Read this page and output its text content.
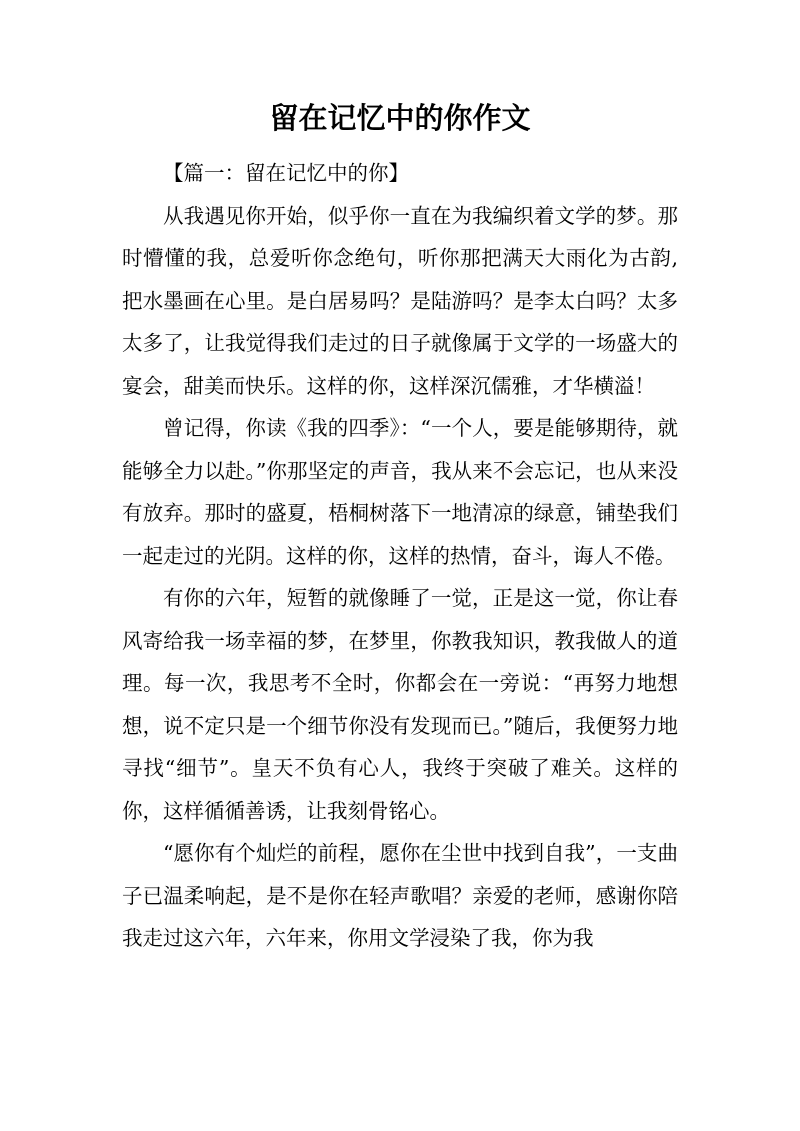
留在记忆中的你作文

【篇一：留在记忆中的你】

从我遇见你开始，似乎你一直在为我编织着文学的梦。那时懵懂的我，总爱听你念绝句，听你那把满天大雨化为古韵,把水墨画在心里。是白居易吗？是陆游吗？是李太白吗？太多太多了，让我觉得我们走过的日子就像属于文学的一场盛大的宴会，甜美而快乐。这样的你，这样深沉儒雅，才华横溢！

曾记得，你读《我的四季》：“一个人，要是能够期待，就能够全力以赴。”你那坚定的声音，我从来不会忘记，也从来没有放弃。那时的盛夏，梧桐树落下一地清凉的绿意，铺垫我们一起走过的光阴。这样的你，这样的热情，奋斗，诲人不倦。

有你的六年，短暂的就像睡了一觉，正是这一觉，你让春风寄给我一场幸福的梦，在梦里，你教我知识，教我做人的道理。每一次，我思考不全时，你都会在一旁说：“再努力地想想，说不定只是一个细节你没有发现而已。”随后，我便努力地寻找“细节”。皇天不负有心人，我终于突破了难关。这样的你，这样循循善诱，让我刻骨铭心。

“愿你有个灿烂的前程，愿你在尘世中找到自我”，一支曲子已温柔响起，是不是你在轻声歌唱？亲爱的老师，感谢你陪我走过这六年，六年来，你用文学浸染了我，你为我
